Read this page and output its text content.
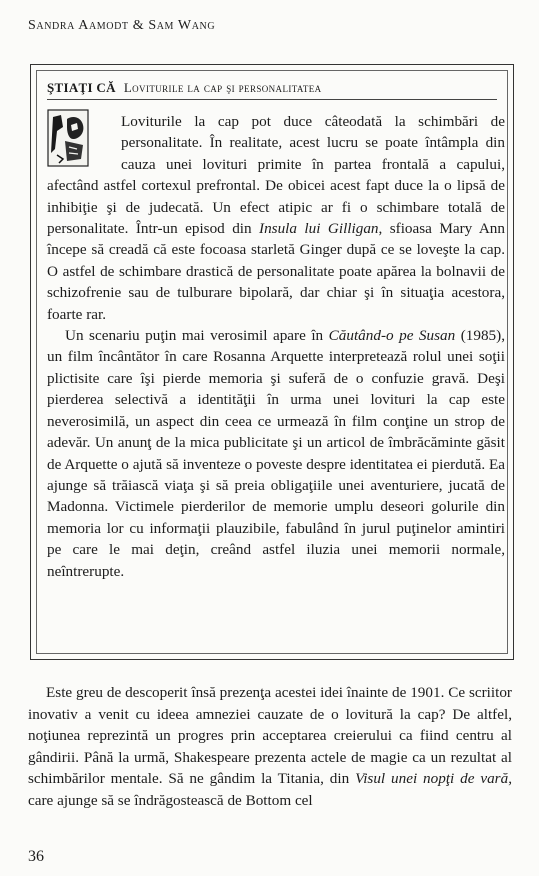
Sandra Aamodt & Sam Wang
ŞTIAŢI CĂ Loviturile la cap şi personalitatea

Loviturile la cap pot duce câteodată la schimbări de personalitate. În realitate, acest lucru se poate întâmpla din cauza unei lovituri primite în partea frontală a capului, afectând astfel cortexul prefrontal. De obicei acest fapt duce la o lipsă de inhibiţie şi de judecată. Un efect atipic ar fi o schimbare totală de personalitate. Într-un episod din Insula lui Gilligan, sfioasa Mary Ann începe să creadă că este focoasa starletă Ginger după ce se loveşte la cap. O astfel de schimbare drastică de personalitate poate apărea la bolnavii de schizofrenie sau de tulburare bipolară, dar chiar şi în situaţia acestora, foarte rar.

Un scenariu puţin mai verosimil apare în Căutând-o pe Susan (1985), un film încântător în care Rosanna Arquette interpretează rolul unei soţii plictisite care îşi pierde memoria şi suferă de o confuzie gravă. Deşi pierderea selectivă a identităţii în urma unei lovituri la cap este neverosimilă, un aspect din ceea ce urmează în film conţine un strop de adevăr. Un anunţ de la mica publicitate şi un articol de îmbrăcăminte găsit de Arquette o ajută să inventeze o poveste despre identitatea ei pierdută. Ea ajunge să trăiască viaţa şi să preia obligaţiile unei aventuriere, jucată de Madonna. Victimele pierderilor de memorie umplu deseori golurile din memoria lor cu informaţii plauzibile, fabulând în jurul puţinelor amintiri pe care le mai deţin, creând astfel iluzia unei memorii normale, neîntrerupte.

Este greu de descoperit însă prezenţa acestei idei înainte de 1901. Ce scriitor inovativ a venit cu ideea amneziei cauzate de o lovitură la cap? De altfel, noţiunea reprezintă un progres prin acceptarea creierului ca fiind centru al gândirii. Până la urmă, Shakespeare prezenta actele de magie ca un rezultat al schimbărilor mentale. Să ne gândim la Titania, din Visul unei nopţi de vară, care ajunge să se îndrăgostească de Bottom cel

36
